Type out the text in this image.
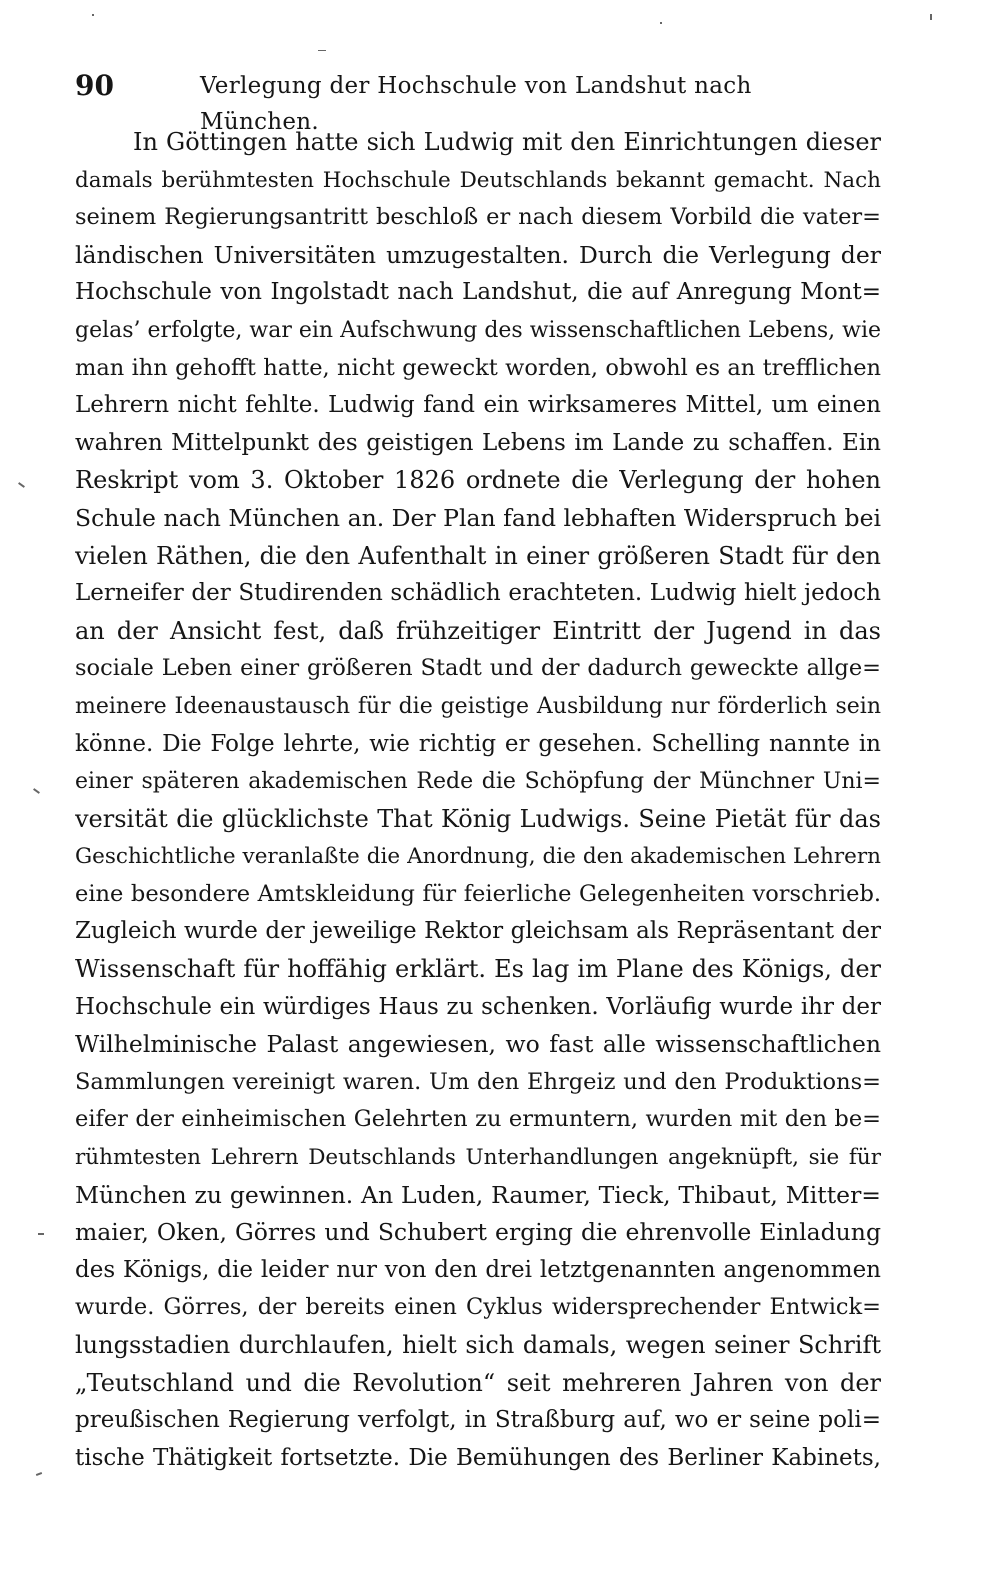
90	Verlegung der Hochschule von Landshut nach München.
In Göttingen hatte sich Ludwig mit den Einrichtungen dieser
damals berühmtesten Hochschule Deutschlands bekannt gemacht. Nach
seinem Regierungsantritt beschloß er nach diesem Vorbild die vater=
ländischen Universitäten umzugestalten. Durch die Verlegung der
Hochschule von Ingolstadt nach Landshut, die auf Anregung Mont=
gelas’ erfolgte, war ein Aufschwung des wissenschaftlichen Lebens, wie
man ihn gehofft hatte, nicht geweckt worden, obwohl es an trefflichen
Lehrern nicht fehlte. Ludwig fand ein wirksameres Mittel, um einen
wahren Mittelpunkt des geistigen Lebens im Lande zu schaffen. Ein
Reskript vom 3. Oktober 1826 ordnete die Verlegung der hohen
Schule nach München an. Der Plan fand lebhaften Widerspruch bei
vielen Räthen, die den Aufenthalt in einer größeren Stadt für den
Lerneifer der Studirenden schädlich erachteten. Ludwig hielt jedoch
an der Ansicht fest, daß frühzeitiger Eintritt der Jugend in das
sociale Leben einer größeren Stadt und der dadurch geweckte allge=
meinere Ideenaustausch für die geistige Ausbildung nur förderlich sein
könne. Die Folge lehrte, wie richtig er gesehen. Schelling nannte in
einer späteren akademischen Rede die Schöpfung der Münchner Uni=
versität die glücklichste That König Ludwigs. Seine Pietät für das
Geschichtliche veranlaßte die Anordnung, die den akademischen Lehrern
eine besondere Amtskleidung für feierliche Gelegenheiten vorschrieb.
Zugleich wurde der jeweilige Rektor gleichsam als Repräsentant der
Wissenschaft für hoffähig erklärt. Es lag im Plane des Königs, der
Hochschule ein würdiges Haus zu schenken. Vorläufig wurde ihr der
Wilhelminische Palast angewiesen, wo fast alle wissenschaftlichen
Sammlungen vereinigt waren. Um den Ehrgeiz und den Produktions=
eifer der einheimischen Gelehrten zu ermuntern, wurden mit den be=
rühmtesten Lehrern Deutschlands Unterhandlungen angeknüpft, sie für
München zu gewinnen. An Luden, Raumer, Tieck, Thibaut, Mitter=
maier, Oken, Görres und Schubert erging die ehrenvolle Einladung
des Königs, die leider nur von den drei letztgenannten angenommen
wurde. Görres, der bereits einen Cyklus widersprechender Entwick=
lungsstadien durchlaufen, hielt sich damals, wegen seiner Schrift
„Teutschland und die Revolution“ seit mehreren Jahren von der
preußischen Regierung verfolgt, in Straßburg auf, wo er seine poli=
tische Thätigkeit fortsetzte. Die Bemühungen des Berliner Kabinets,
